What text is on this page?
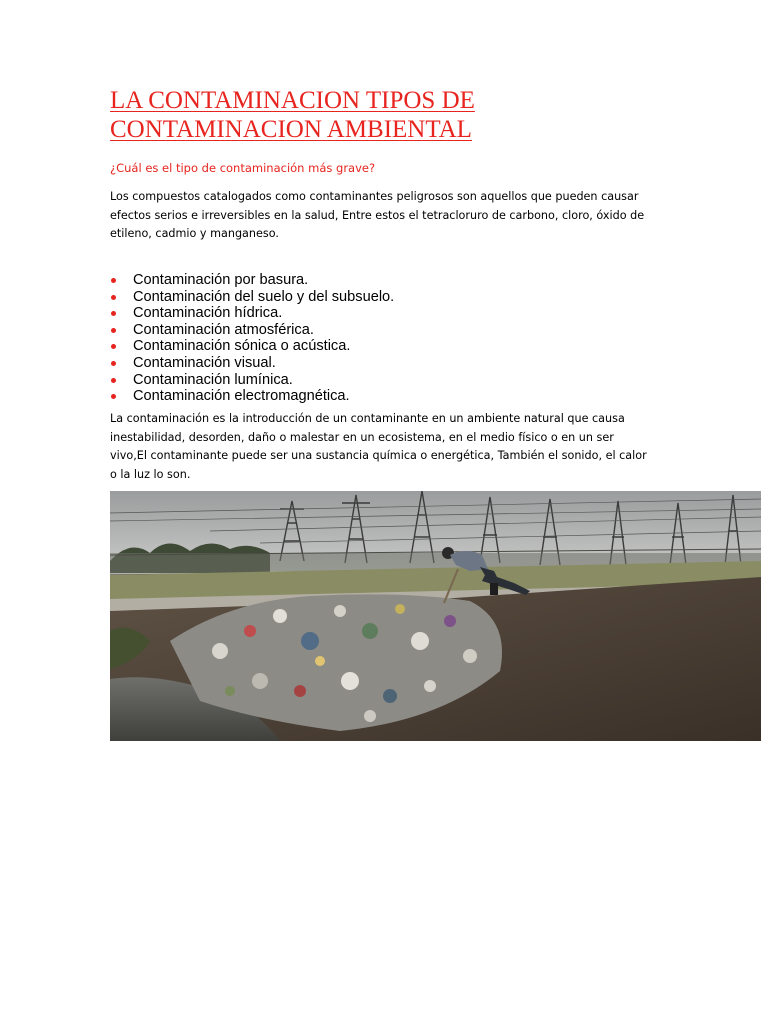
LA CONTAMINACION TIPOS DE
CONTAMINACION AMBIENTAL

¿Cuál es el tipo de contaminación más grave?

Los compuestos catalogados como contaminantes peligrosos son aquellos que pueden causar
efectos serios e irreversibles en la salud, Entre estos el tetracloruro de carbono, cloro, óxido de
etileno, cadmio y manganeso.

Contaminación por basura.
Contaminación del suelo y del subsuelo.
Contaminación hídrica.
Contaminación atmosférica.
Contaminación sónica o acústica.
Contaminación visual.
Contaminación lumínica.
Contaminación electromagnética.

La contaminación es la introducción de un contaminante en un ambiente natural que causa
inestabilidad, desorden, daño o malestar en un ecosistema, en el medio físico o en un ser
vivo,El contaminante puede ser una sustancia química o energética, También el sonido, el calor
o la luz lo son.
